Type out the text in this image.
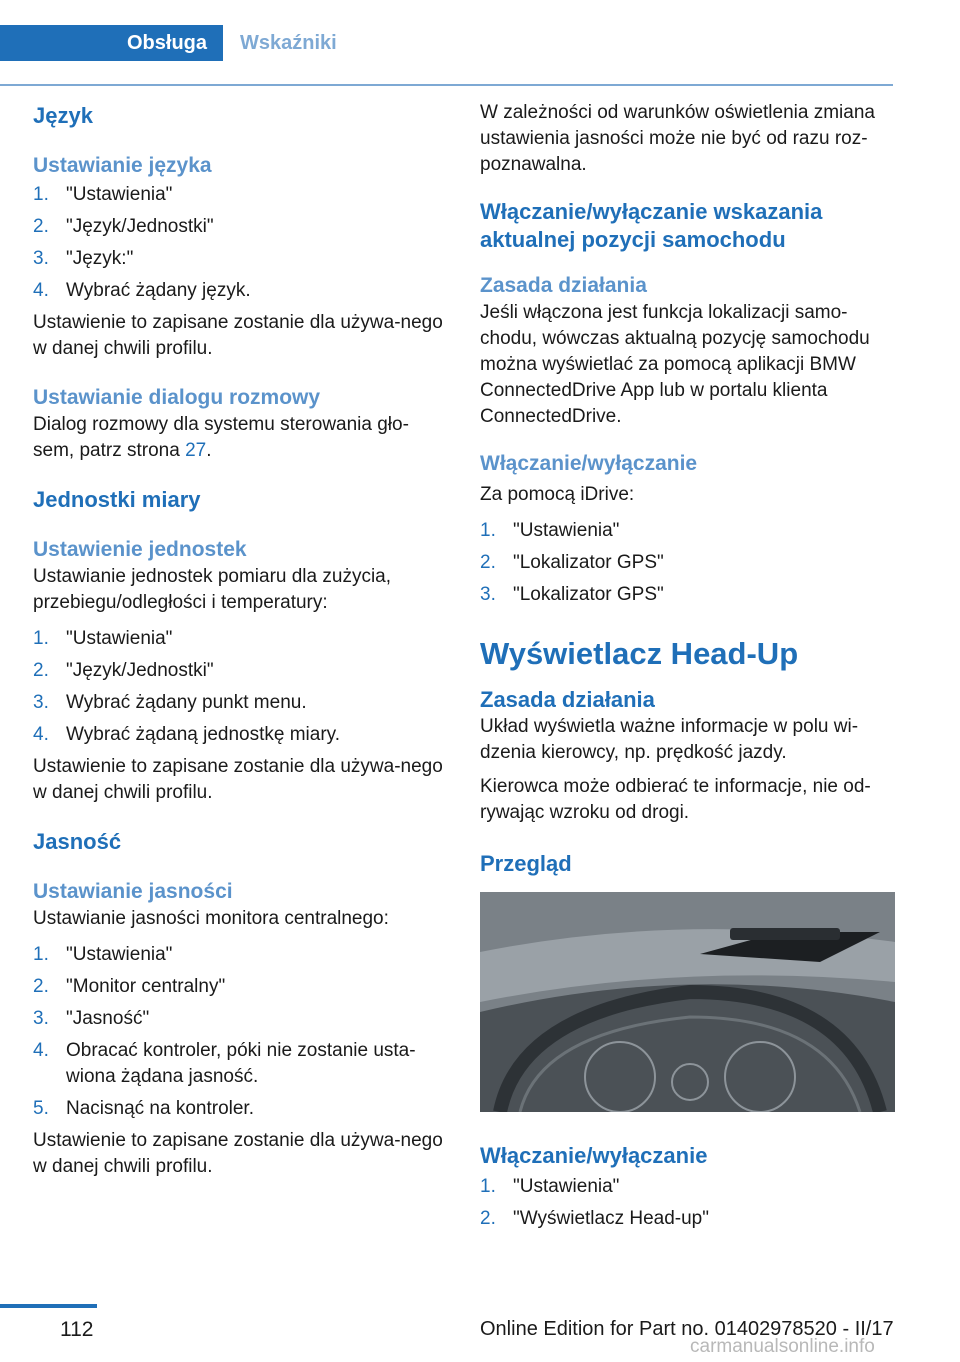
Obsługa	Wskaźniki
Język
Ustawianie języka
1. "Ustawienia"
2. "Język/Jednostki"
3. "Język:"
4. Wybrać żądany język.

Ustawienie to zapisane zostanie dla używa-nego w danej chwili profilu.

Ustawianie dialogu rozmowy

Dialog rozmowy dla systemu sterowania gło-sem, patrz strona 27.

Jednostki miary
Ustawienie jednostek

Ustawianie jednostek pomiaru dla zużycia, przebiegu/odległości i temperatury:

1. "Ustawienia"
2. "Język/Jednostki"
3. Wybrać żądany punkt menu.
4. Wybrać żądaną jednostkę miary.

Ustawienie to zapisane zostanie dla używa-nego w danej chwili profilu.

Jasność
Ustawianie jasności

Ustawianie jasności monitora centralnego:

1. "Ustawienia"
2. "Monitor centralny"
3. "Jasność"
4. Obracać kontroler, póki nie zostanie usta-wiona żądana jasność.
5. Nacisnąć na kontroler.

Ustawienie to zapisane zostanie dla używa-nego w danej chwili profilu.

W zależności od warunków oświetlenia zmiana ustawienia jasności może nie być od razu roz-poznawalna.

Włączanie/wyłączanie wskazania aktualnej pozycji samochodu
Zasada działania

Jeśli włączona jest funkcja lokalizacji samo-chodu, wówczas aktualną pozycję samochodu można wyświetlać za pomocą aplikacji BMW ConnectedDrive App lub w portalu klienta ConnectedDrive.

Włączanie/wyłączanie

Za pomocą iDrive:

1. "Ustawienia"
2. "Lokalizator GPS"
3. "Lokalizator GPS"
Wyświetlacz Head-Up
Zasada działania

Układ wyświetla ważne informacje w polu wi-dzenia kierowcy, np. prędkość jazdy.

Kierowca może odbierać te informacje, nie od-rywając wzroku od drogi.

Przegląd
Włączanie/wyłączanie
1. "Ustawienia"
2. "Wyświetlacz Head-up"
112	Online Edition for Part no. 01402978520 - II/17
carmanualsonline.info
